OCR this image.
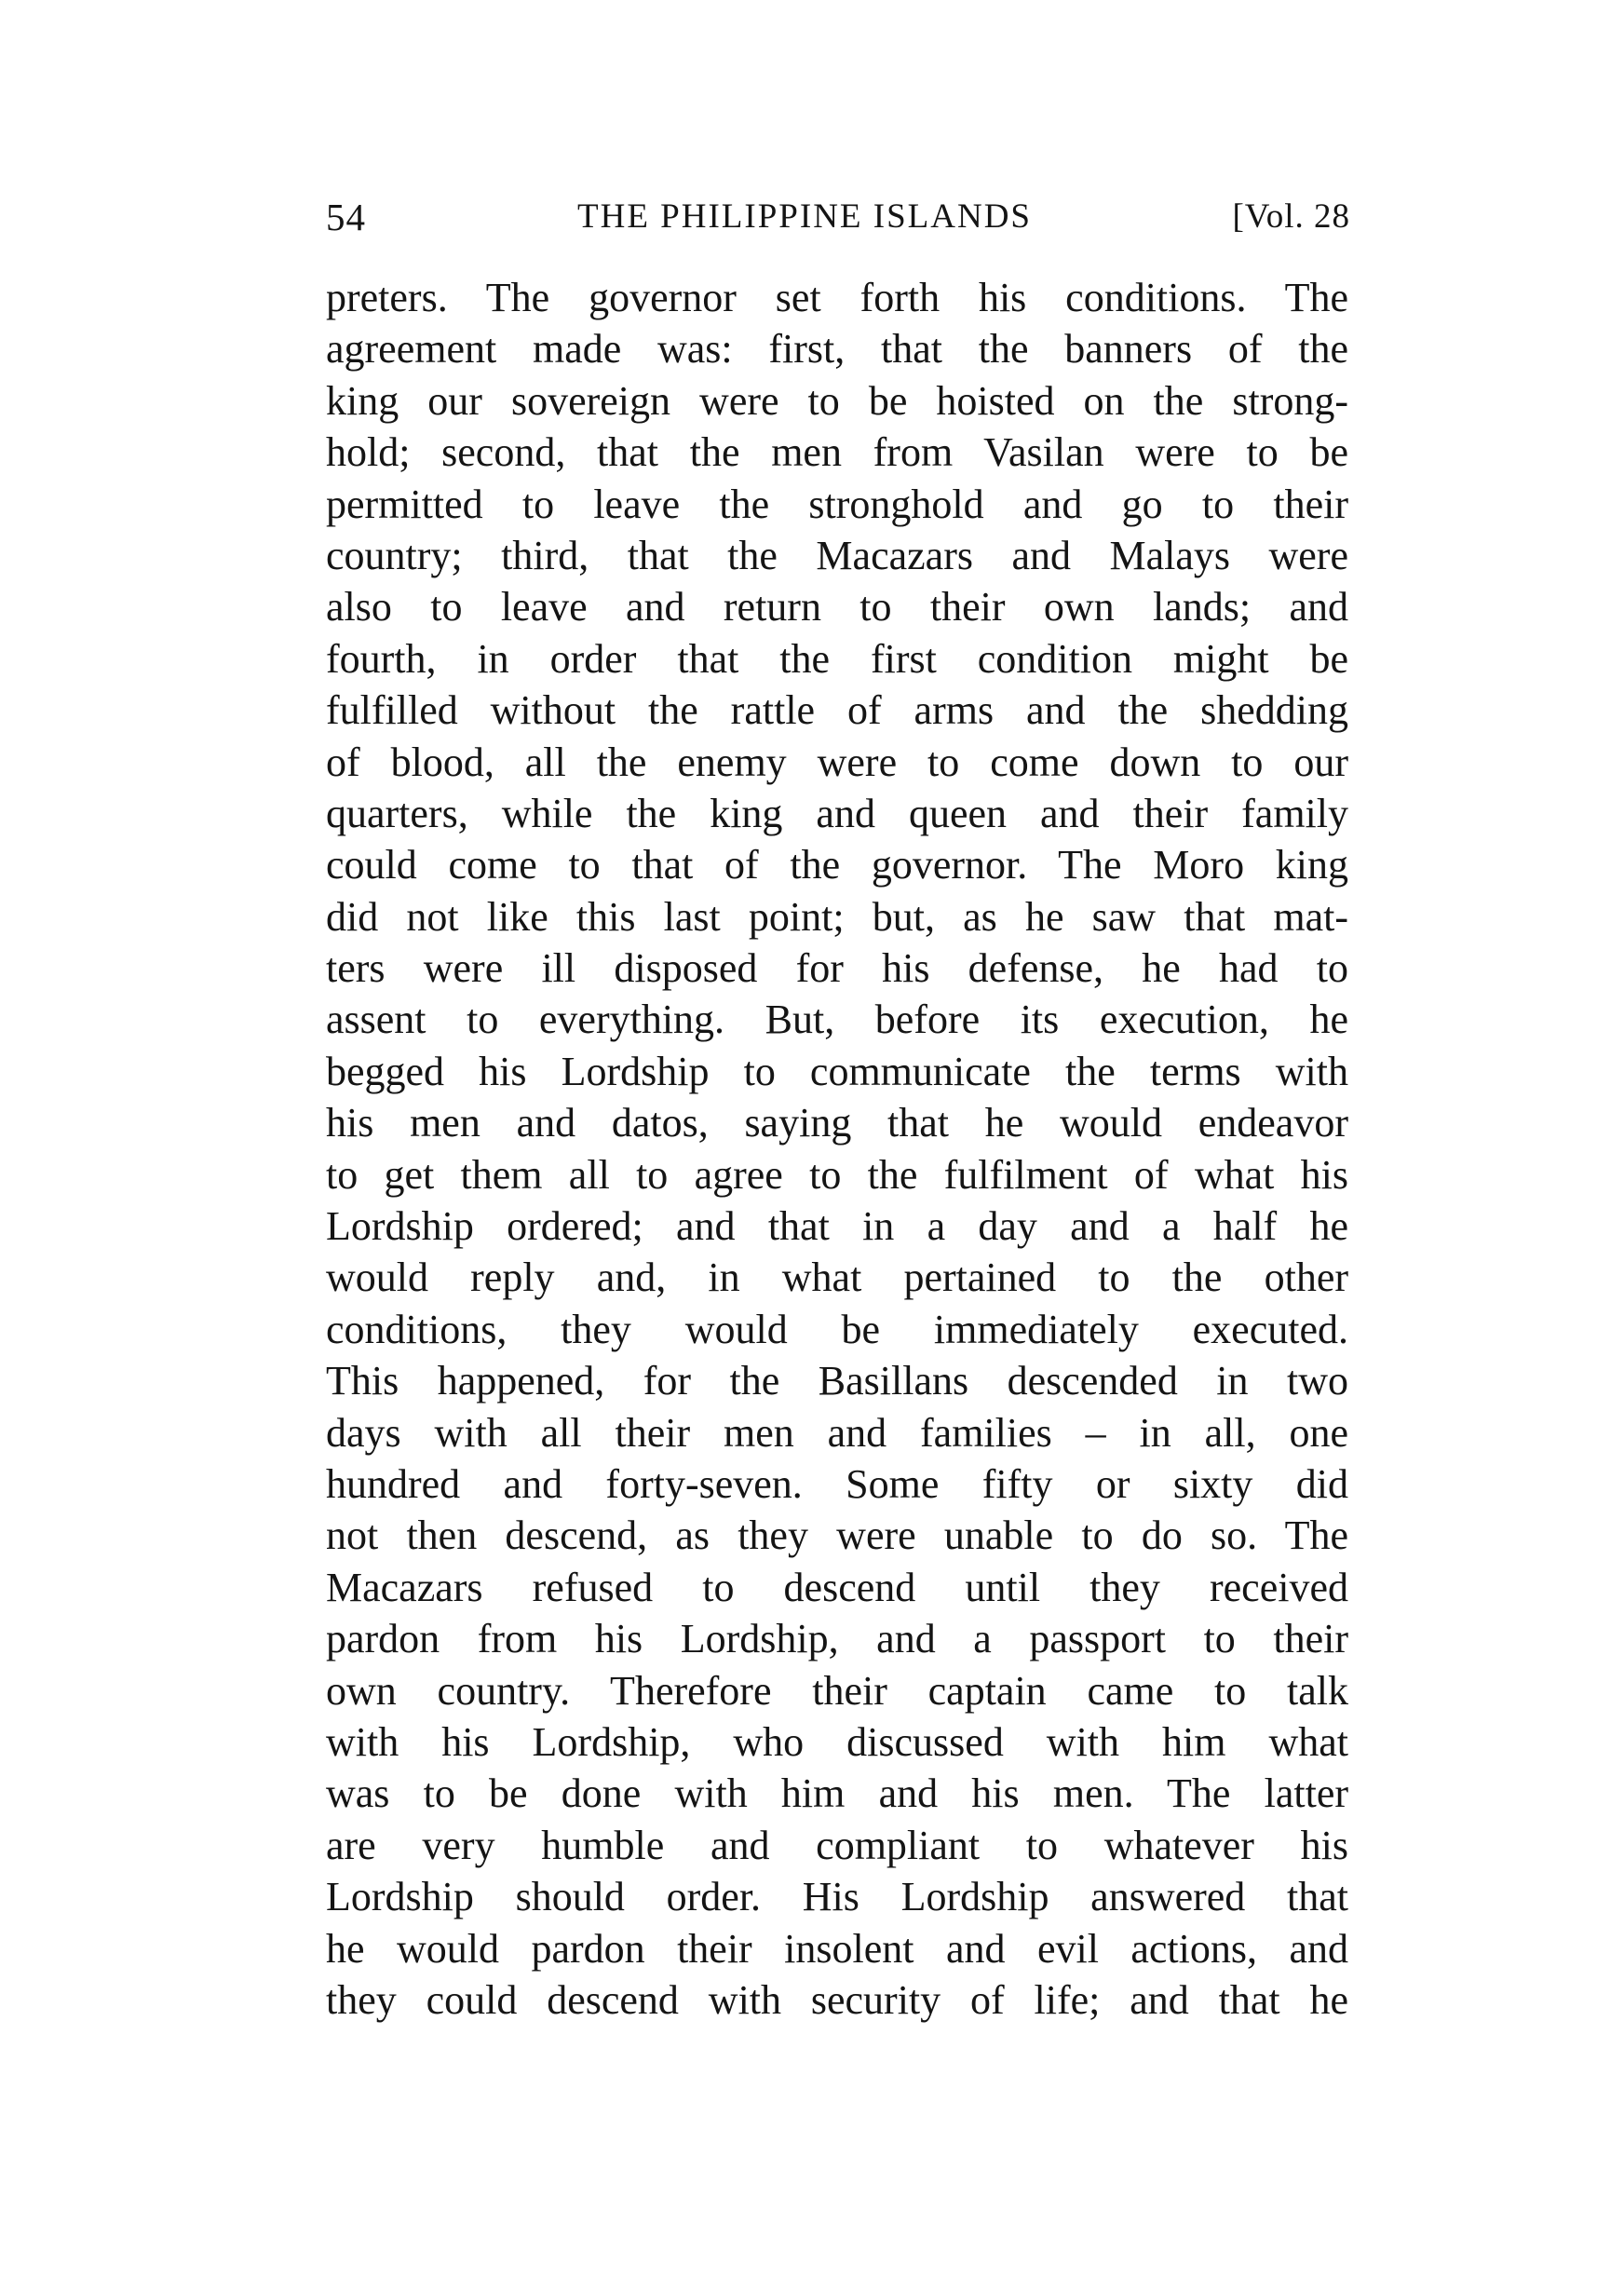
54	THE PHILIPPINE ISLANDS	[Vol. 28
preters. The governor set forth his conditions. The
agreement made was: first, that the banners of the
king our sovereign were to be hoisted on the strong-
hold; second, that the men from Vasilan were to be
permitted to leave the stronghold and go to their
country; third, that the Macazars and Malays were
also to leave and return to their own lands; and
fourth, in order that the first condition might be
fulfilled without the rattle of arms and the shedding
of blood, all the enemy were to come down to our
quarters, while the king and queen and their family
could come to that of the governor. The Moro king
did not like this last point; but, as he saw that mat-
ters were ill disposed for his defense, he had to
assent to everything. But, before its execution, he
begged his Lordship to communicate the terms with
his men and datos, saying that he would endeavor
to get them all to agree to the fulfilment of what his
Lordship ordered; and that in a day and a half he
would reply and, in what pertained to the other
conditions, they would be immediately executed.
This happened, for the Basillans descended in two
days with all their men and families – in all, one
hundred and forty-seven. Some fifty or sixty did
not then descend, as they were unable to do so. The
Macazars refused to descend until they received
pardon from his Lordship, and a passport to their
own country. Therefore their captain came to talk
with his Lordship, who discussed with him what
was to be done with him and his men. The latter
are very humble and compliant to whatever his
Lordship should order. His Lordship answered that
he would pardon their insolent and evil actions, and
they could descend with security of life; and that he
